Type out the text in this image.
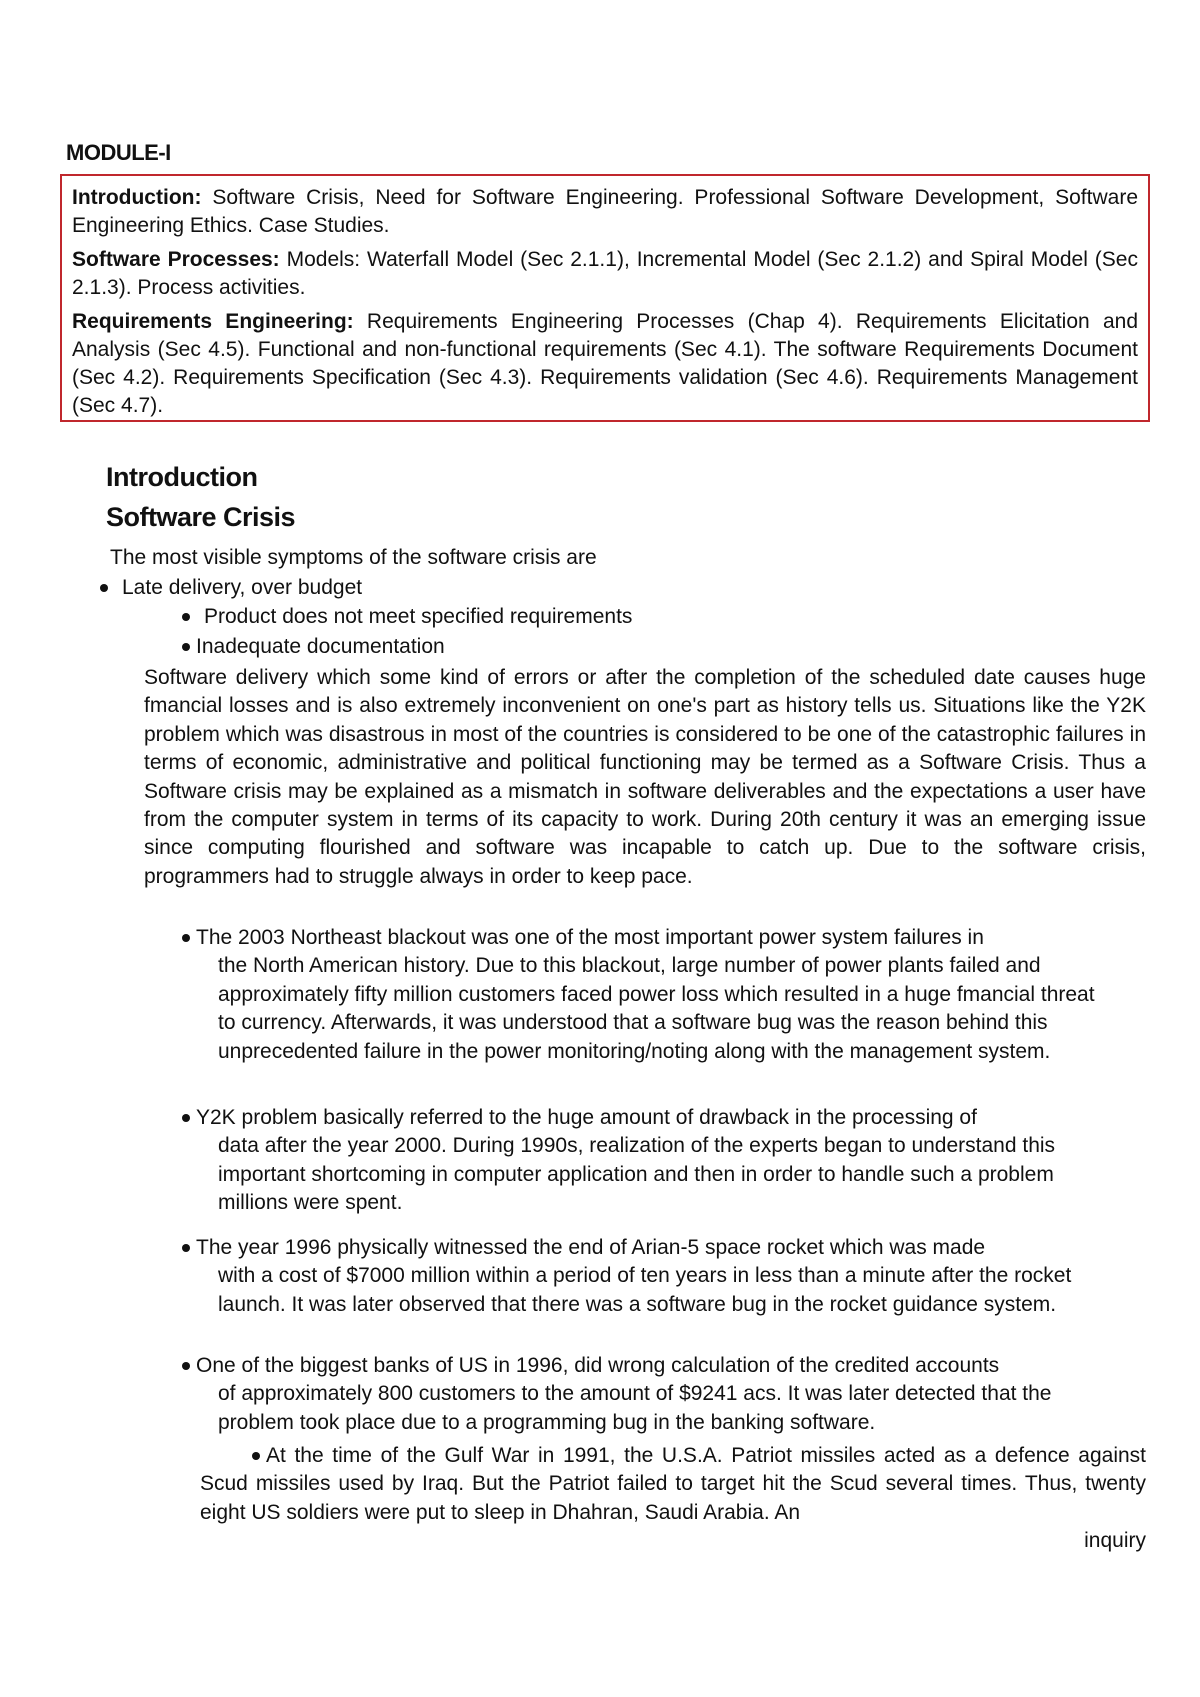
MODULE-I

Introduction: Software Crisis, Need for Software Engineering. Professional Software Development, Software Engineering Ethics. Case Studies.

Software Processes: Models: Waterfall Model (Sec 2.1.1), Incremental Model (Sec 2.1.2) and Spiral Model (Sec 2.1.3). Process activities.

Requirements Engineering: Requirements Engineering Processes (Chap 4). Requirements Elicitation and Analysis (Sec 4.5). Functional and non-functional requirements (Sec 4.1). The software Requirements Document (Sec 4.2). Requirements Specification (Sec 4.3). Requirements validation (Sec 4.6). Requirements Management (Sec 4.7).

Introduction
Software Crisis
The most visible symptoms of the software crisis are
Late delivery, over budget
Product does not meet specified requirements
Inadequate documentation

Software delivery which some kind of errors or after the completion of the scheduled date causes huge fmancial losses and is also extremely inconvenient on one's part as history tells us. Situations like the Y2K problem which was disastrous in most of the countries is considered to be one of the catastrophic failures in terms of economic, administrative and political functioning may be termed as a Software Crisis. Thus a Software crisis may be explained as a mismatch in software deliverables and the expectations a user have from the computer system in terms of its capacity to work. During 20th century it was an emerging issue since computing flourished and software was incapable to catch up. Due to the software crisis, programmers had to struggle always in order to keep pace.

The 2003 Northeast blackout was one of the most important power system failures in
the North American history. Due to this blackout, large number of power plants failed and approximately fifty million customers faced power loss which resulted in a huge fmancial threat to currency. Afterwards, it was understood that a software bug was the reason behind this unprecedented failure in the power monitoring/noting along with the management system.
Y2K problem basically referred to the huge amount of drawback in the processing of
data after the year 2000. During 1990s, realization of the experts began to understand this important shortcoming in computer application and then in order to handle such a problem millions were spent.
The year 1996 physically witnessed the end of Arian-5 space rocket which was made
with a cost of $7000 million within a period of ten years in less than a minute after the rocket launch. It was later observed that there was a software bug in the rocket guidance system.
One of the biggest banks of US in 1996, did wrong calculation of the credited accounts
of approximately 800 customers to the amount of $9241 acs. It was later detected that the problem took place due to a programming bug in the banking software.

At the time of the Gulf War in 1991, the U.S.A. Patriot missiles acted as a defence against Scud missiles used by Iraq. But the Patriot failed to target hit the Scud several times. Thus, twenty eight US soldiers were put to sleep in Dhahran, Saudi Arabia. An
inquiry
